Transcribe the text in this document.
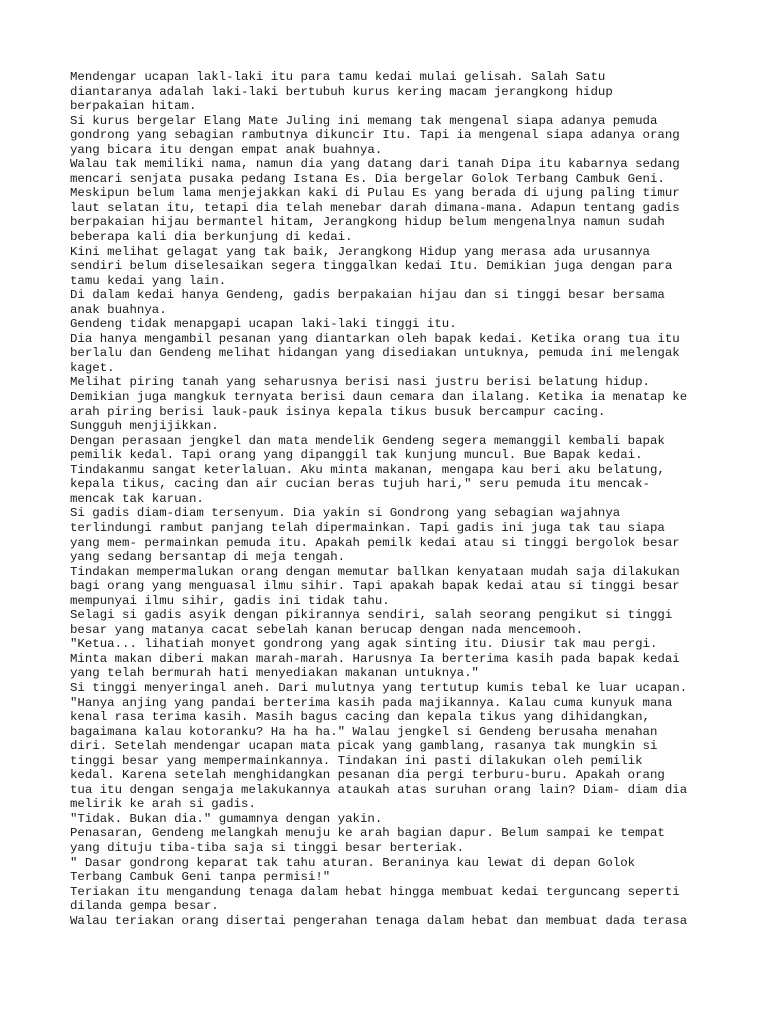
Mendengar ucapan lakl-laki itu para tamu kedai mulai gelisah. Salah Satu
diantaranya adalah laki-laki bertubuh kurus kering macam jerangkong hidup
berpakaian hitam.
Si kurus bergelar Elang Mate Juling ini memang tak mengenal siapa adanya pemuda
gondrong yang sebagian rambutnya dikuncir Itu. Tapi ia mengenal siapa adanya orang
yang bicara itu dengan empat anak buahnya.
Walau tak memiliki nama, namun dia yang datang dari tanah Dipa itu kabarnya sedang
mencari senjata pusaka pedang Istana Es. Dia bergelar Golok Terbang Cambuk Geni.
Meskipun belum lama menjejakkan kaki di Pulau Es yang berada di ujung paling timur
laut selatan itu, tetapi dia telah menebar darah dimana-mana. Adapun tentang gadis
berpakaian hijau bermantel hitam, Jerangkong hidup belum mengenalnya namun sudah
beberapa kali dia berkunjung di kedai.
Kini melihat gelagat yang tak baik, Jerangkong Hidup yang merasa ada urusannya
sendiri belum diselesaikan segera tinggalkan kedai Itu. Demikian juga dengan para
tamu kedai yang lain.
Di dalam kedai hanya Gendeng, gadis berpakaian hijau dan si tinggi besar bersama
anak buahnya.
Gendeng tidak menapgapi ucapan laki-laki tinggi itu.
Dia hanya mengambil pesanan yang diantarkan oleh bapak kedai. Ketika orang tua itu
berlalu dan Gendeng melihat hidangan yang disediakan untuknya, pemuda ini melengak
kaget.
Melihat piring tanah yang seharusnya berisi nasi justru berisi belatung hidup.
Demikian juga mangkuk ternyata berisi daun cemara dan ilalang. Ketika ia menatap ke
arah piring berisi lauk-pauk isinya kepala tikus busuk bercampur cacing.
Sungguh menjijikkan.
Dengan perasaan jengkel dan mata mendelik Gendeng segera memanggil kembali bapak
pemilik kedal. Tapi orang yang dipanggil tak kunjung muncul. Bue Bapak kedai.
Tindakanmu sangat keterlaluan. Aku minta makanan, mengapa kau beri aku belatung,
kepala tikus, cacing dan air cucian beras tujuh hari," seru pemuda itu mencak-
mencak tak karuan.
Si gadis diam-diam tersenyum. Dia yakin si Gondrong yang sebagian wajahnya
terlindungi rambut panjang telah dipermainkan. Tapi gadis ini juga tak tau siapa
yang mem- permainkan pemuda itu. Apakah pemilk kedai atau si tinggi bergolok besar
yang sedang bersantap di meja tengah.
Tindakan mempermalukan orang dengan memutar ballkan kenyataan mudah saja dilakukan
bagi orang yang menguasal ilmu sihir. Tapi apakah bapak kedai atau si tinggi besar
mempunyai ilmu sihir, gadis ini tidak tahu.
Selagi si gadis asyik dengan pikirannya sendiri, salah seorang pengikut si tinggi
besar yang matanya cacat sebelah kanan berucap dengan nada mencemooh.
"Ketua... lihatiah monyet gondrong yang agak sinting itu. Diusir tak mau pergi.
Minta makan diberi makan marah-marah. Harusnya Ia berterima kasih pada bapak kedai
yang telah bermurah hati menyediakan makanan untuknya."
Si tinggi menyeringal aneh. Dari mulutnya yang tertutup kumis tebal ke luar ucapan.
"Hanya anjing yang pandai berterima kasih pada majikannya. Kalau cuma kunyuk mana
kenal rasa terima kasih. Masih bagus cacing dan kepala tikus yang dihidangkan,
bagaimana kalau kotoranku? Ha ha ha." Walau jengkel si Gendeng berusaha menahan
diri. Setelah mendengar ucapan mata picak yang gamblang, rasanya tak mungkin si
tinggi besar yang mempermainkannya. Tindakan ini pasti dilakukan oleh pemilik
kedal. Karena setelah menghidangkan pesanan dia pergi terburu-buru. Apakah orang
tua itu dengan sengaja melakukannya ataukah atas suruhan orang lain? Diam- diam dia
melirik ke arah si gadis.
"Tidak. Bukan dia." gumamnya dengan yakin.
Penasaran, Gendeng melangkah menuju ke arah bagian dapur. Belum sampai ke tempat
yang dituju tiba-tiba saja si tinggi besar berteriak.
" Dasar gondrong keparat tak tahu aturan. Beraninya kau lewat di depan Golok
Terbang Cambuk Geni tanpa permisi!"
Teriakan itu mengandung tenaga dalam hebat hingga membuat kedai terguncang seperti
dilanda gempa besar.
Walau teriakan orang disertai pengerahan tenaga dalam hebat dan membuat dada terasa
